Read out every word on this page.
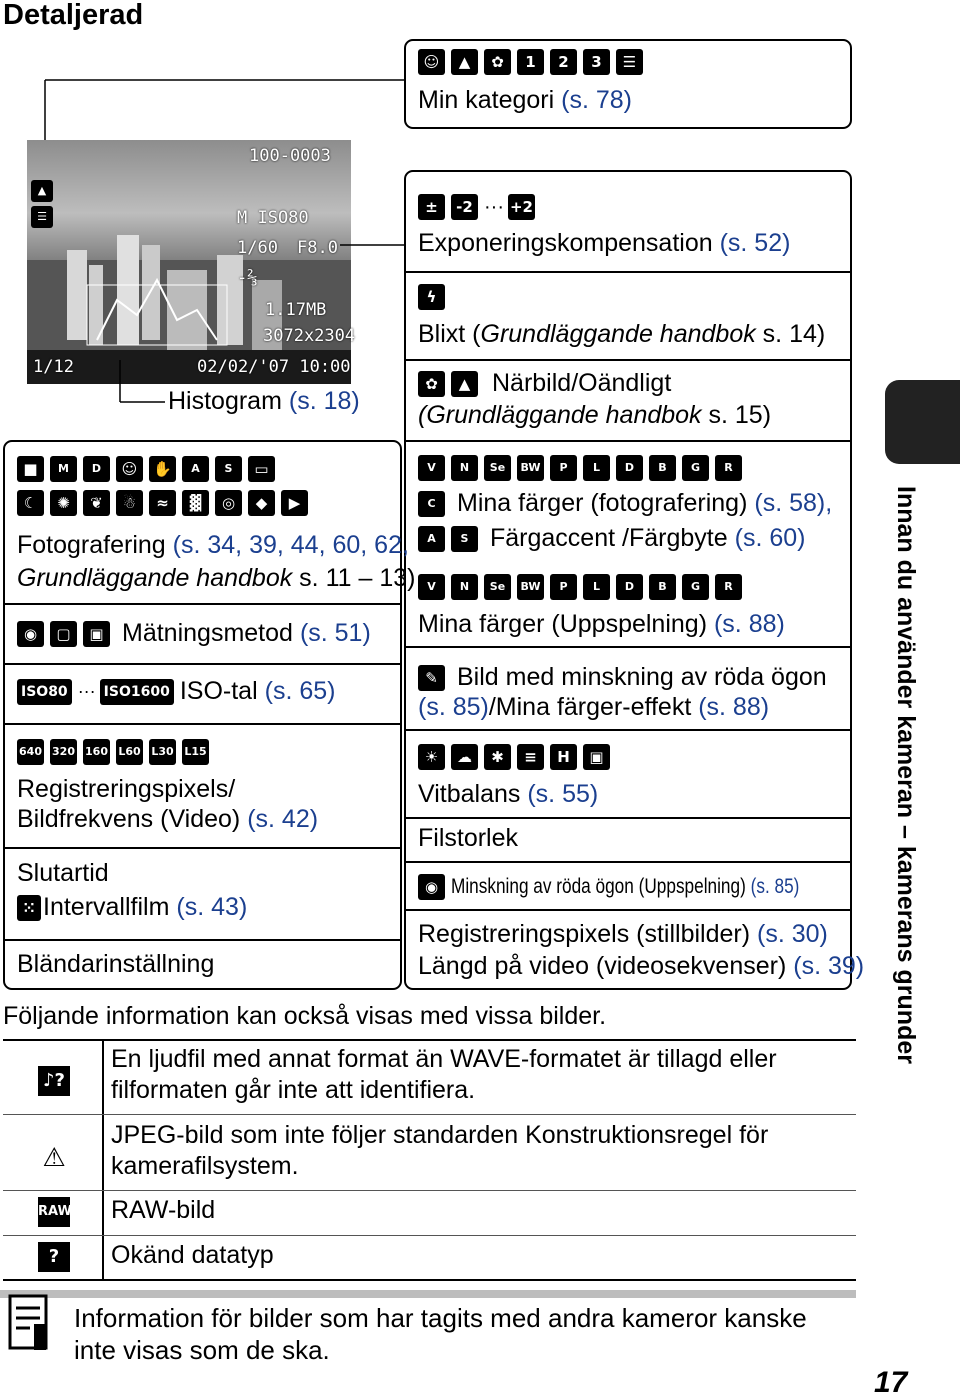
Detaljerad
Innan du använder kameran – kamerans grunder
▲
☰
100-0003
M ISO80
1/60 F8.0
-⅔
1.17MB
3072x2304
1/12	02/02/'07 10:00
Histogram (s. 18)
☺	▲	✿	1	2	3	☰
Min kategori (s. 78)
±	-2 ··· +2
Exponeringskompensation (s. 52)
ϟ
Blixt (Grundläggande handbok s. 14)
✿	▲ Närbild/Oändligt
(Grundläggande handbok s. 15)
V	N	Se	BW	P	L	D	B	G	R
C Mina färger (fotografering) (s. 58),
A	S Färgaccent /Färgbyte (s. 60)
V	N	Se	BW	P	L	D	B	G	R
Mina färger (Uppspelning) (s. 88)
✎ Bild med minskning av röda ögon
(s. 85)/Mina färger-effekt (s. 88)
☀	☁	✱	≡	H	▣
Vitbalans (s. 55)
Filstorlek
◉ Minskning av röda ögon (Uppspelning) (s. 85)
Registreringspixels (stillbilder) (s. 30)
Längd på video (videosekvenser) (s. 39)
■	M	D	☺	✋	A	S	▭
☾	✺	❦	☃	≈	▓	◎	◆	▶
Fotografering (s. 34, 39, 44, 60, 62,
Grundläggande handbok s. 11 – 13)
◉	▢	▣ Mätningsmetod (s. 51)
ISO80 ··· ISO1600 ISO-tal (s. 65)
640 320 160 L60 L30 L15
Registreringspixels/
Bildfrekvens (Video) (s. 42)
Slutartid
⁙ Intervallfilm (s. 43)
Bländarinställning
Följande information kan också visas med vissa bilder.
♪?
En ljudfil med annat format än WAVE-formatet är tillagd eller filformaten går inte att identifiera.
⚠
JPEG-bild som inte följer standarden Konstruktionsregel för kamerafilsystem.
RAW RAW-bild
?	Okänd datatyp
Information för bilder som har tagits med andra kameror kanske inte visas som de ska.
17
